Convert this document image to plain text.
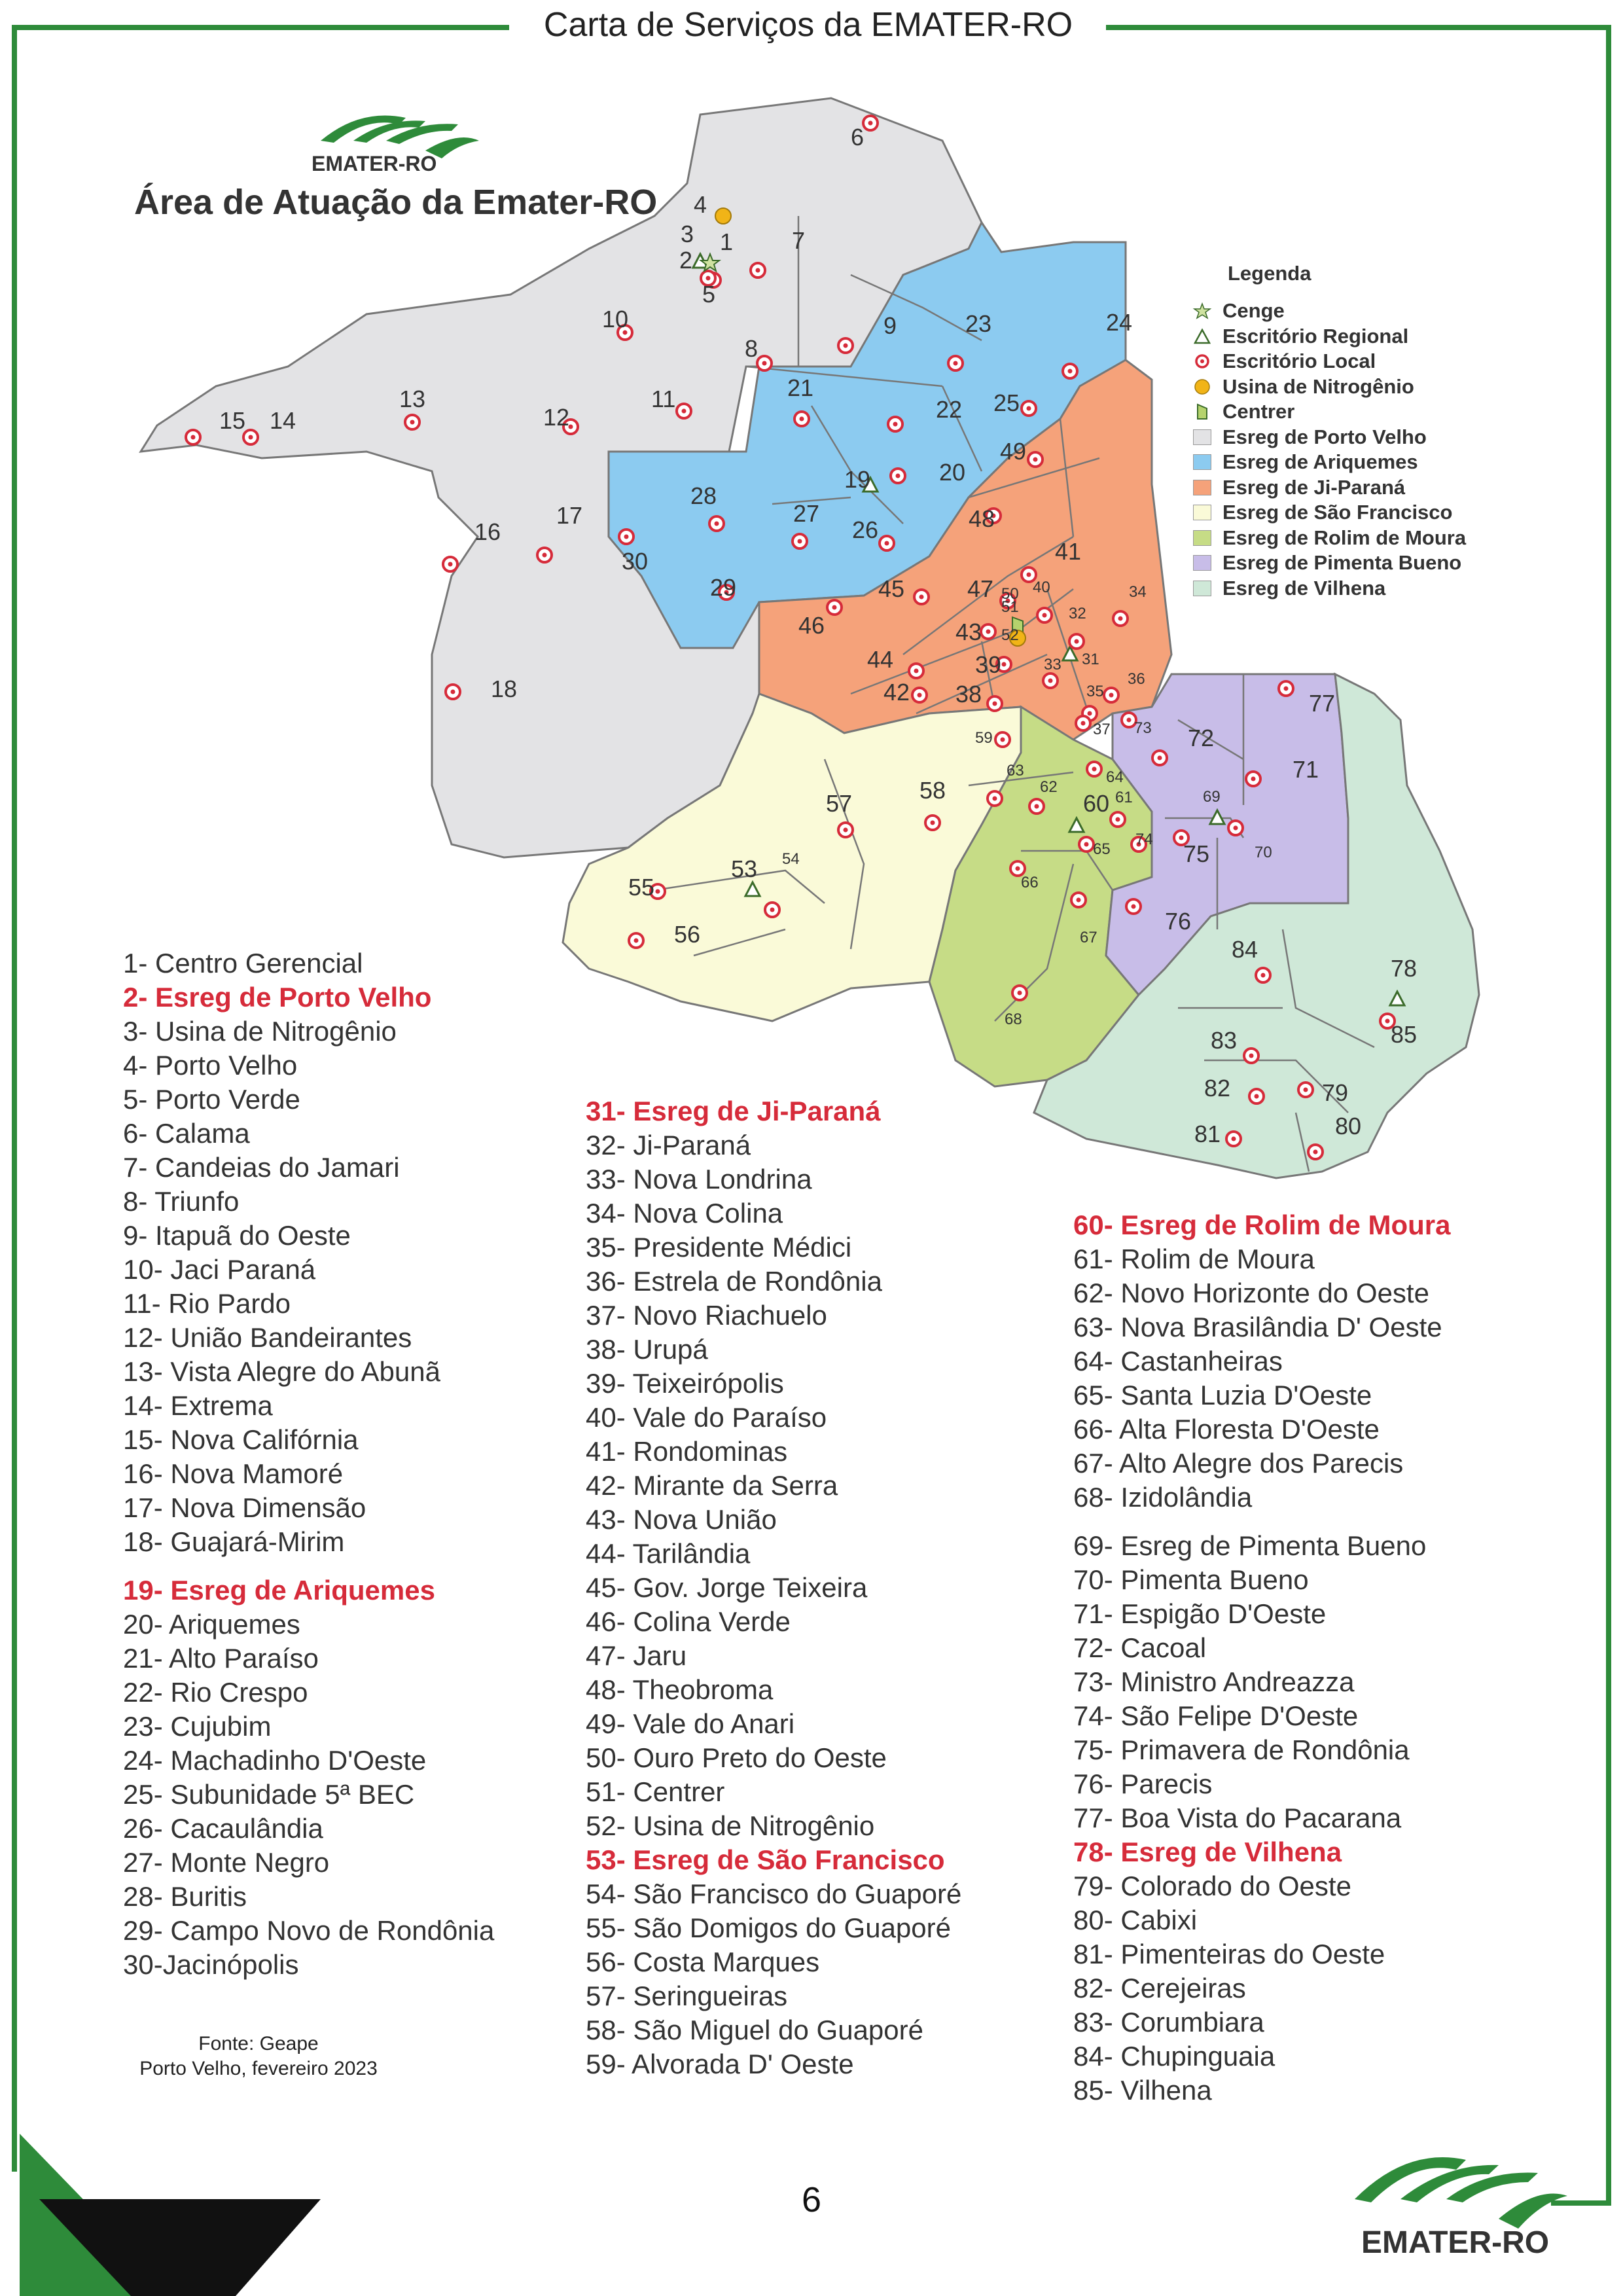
Carta de Serviços da EMATER-RO
1
2
3
4
5
6
7
8
9
10
11
12
13
14
15
16
17
18
19	20
21
22
23	24
25
26
27
28
29
30
31
32
33
34
35
36
37
38
39
40
41
42
43
44
45
46
47
48
49
50
51
52
53 54
55
56
57	58
59
60 61
62
63	64
65
66
67
68
69
70
71
72
73
74
75
76
77
78
79
80
81
82
83
84
85
EMATER-RO
Área de Atuação da Emater-RO
Legenda
Cenge
Escritório Regional
Escritório Local
Usina de Nitrogênio
Centrer
Esreg de Porto Velho
Esreg de Ariquemes
Esreg de Ji-Paraná
Esreg de São Francisco
Esreg de Rolim de Moura
Esreg de Pimenta Bueno
Esreg de Vilhena
1- Centro Gerencial
2- Esreg de Porto Velho
3- Usina de Nitrogênio
4- Porto Velho
5- Porto Verde
6- Calama
7- Candeias do Jamari
8- Triunfo
9- Itapuã do Oeste
10- Jaci Paraná
11- Rio Pardo
12- União Bandeirantes
13- Vista Alegre do Abunã
14- Extrema
15- Nova Califórnia
16- Nova Mamoré
17- Nova Dimensão
18- Guajará-Mirim
19- Esreg de Ariquemes
20- Ariquemes
21- Alto Paraíso
22- Rio Crespo
23- Cujubim
24- Machadinho D'Oeste
25- Subunidade 5ª BEC
26- Cacaulândia
27- Monte Negro
28- Buritis
29- Campo Novo de Rondônia
30-Jacinópolis
31- Esreg de Ji-Paraná
32- Ji-Paraná
33- Nova Londrina
34- Nova Colina
35- Presidente Médici
36- Estrela de Rondônia
37- Novo Riachuelo
38- Urupá
39- Teixeirópolis
40- Vale do Paraíso
41- Rondominas
42- Mirante da Serra
43- Nova União
44- Tarilândia
45- Gov. Jorge Teixeira
46- Colina Verde
47- Jaru
48- Theobroma
49- Vale do Anari
50- Ouro Preto do Oeste
51- Centrer
52- Usina de Nitrogênio
53- Esreg de São Francisco
54- São Francisco do Guaporé
55- São Domigos do Guaporé
56- Costa Marques
57- Seringueiras
58- São Miguel do Guaporé
59- Alvorada D' Oeste
60- Esreg de Rolim de Moura
61- Rolim de Moura
62- Novo Horizonte do Oeste
63- Nova Brasilândia D' Oeste
64- Castanheiras
65- Santa Luzia D'Oeste
66- Alta Floresta D'Oeste
67- Alto Alegre dos Parecis
68- Izidolândia
69- Esreg de Pimenta Bueno
70- Pimenta Bueno
71- Espigão D'Oeste
72- Cacoal
73- Ministro Andreazza
74- São Felipe D'Oeste
75- Primavera de Rondônia
76- Parecis
77- Boa Vista do Pacarana
78- Esreg de Vilhena
79- Colorado do Oeste
80- Cabixi
81- Pimenteiras do Oeste
82- Cerejeiras
83- Corumbiara
84- Chupinguaia
85- Vilhena
Fonte: Geape
Porto Velho, fevereiro 2023
6
EMATER-RO
